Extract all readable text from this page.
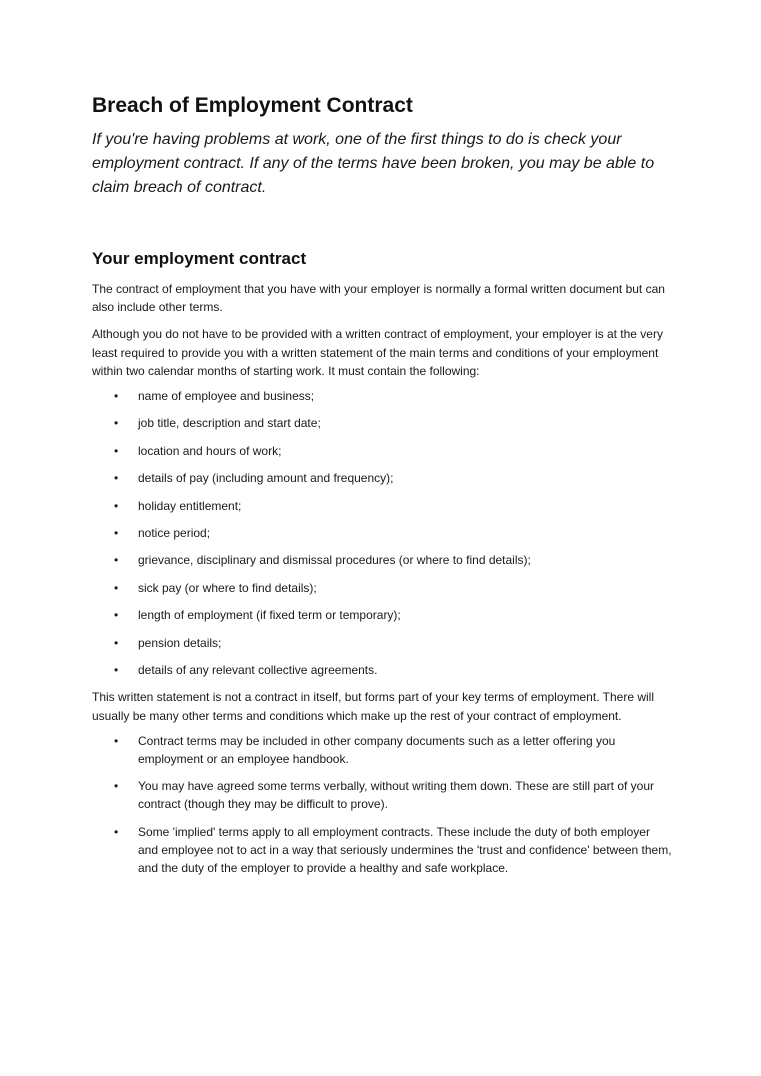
Breach of Employment Contract

If you're having problems at work, one of the first things to do is check your employment contract. If any of the terms have been broken, you may be able to claim breach of contract.

Your employment contract

The contract of employment that you have with your employer is normally a formal written document but can also include other terms.

Although you do not have to be provided with a written contract of employment, your employer is at the very least required to provide you with a written statement of the main terms and conditions of your employment within two calendar months of starting work. It must contain the following:

• name of employee and business;
• job title, description and start date;
• location and hours of work;
• details of pay (including amount and frequency);
• holiday entitlement;
• notice period;
• grievance, disciplinary and dismissal procedures (or where to find details);
• sick pay (or where to find details);
• length of employment (if fixed term or temporary);
• pension details;
• details of any relevant collective agreements.

This written statement is not a contract in itself, but forms part of your key terms of employment. There will usually be many other terms and conditions which make up the rest of your contract of employment.

• Contract terms may be included in other company documents such as a letter offering you employment or an employee handbook.
• You may have agreed some terms verbally, without writing them down. These are still part of your contract (though they may be difficult to prove).
• Some 'implied' terms apply to all employment contracts. These include the duty of both employer and employee not to act in a way that seriously undermines the 'trust and confidence' between them, and the duty of the employer to provide a healthy and safe workplace.
